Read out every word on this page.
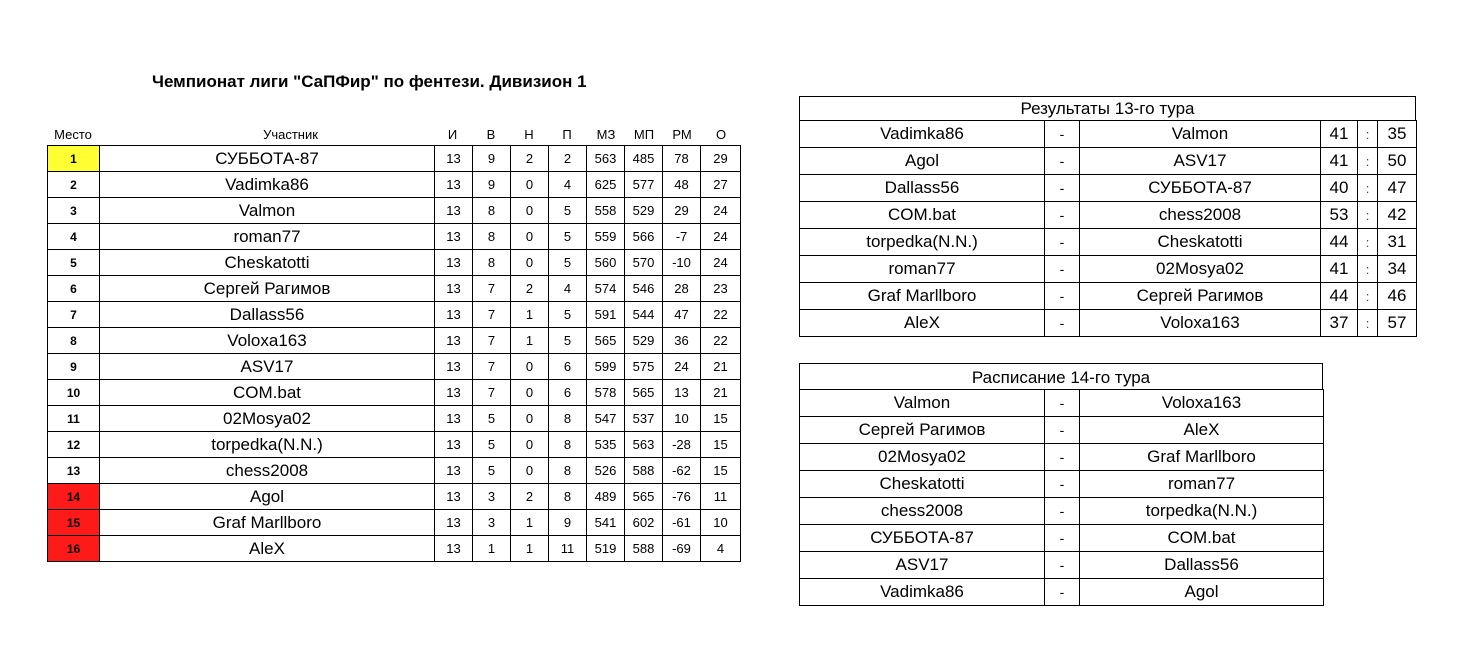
Чемпионат лиги "СаПФир" по фентези. Дивизион 1
Место	Участник	И	В	Н	П	МЗ	МП	РМ	О
1	СУББОТА-87	13	9	2	2	563	485	78	29
2	Vadimka86	13	9	0	4	625	577	48	27
3	Valmon	13	8	0	5	558	529	29	24
4	roman77	13	8	0	5	559	566	-7	24
5	Cheskatotti	13	8	0	5	560	570	-10	24
6	Сергей Рагимов	13	7	2	4	574	546	28	23
7	Dallass56	13	7	1	5	591	544	47	22
8	Voloxa163	13	7	1	5	565	529	36	22
9	ASV17	13	7	0	6	599	575	24	21
10	COM.bat	13	7	0	6	578	565	13	21
11	02Mosya02	13	5	0	8	547	537	10	15
12	torpedka(N.N.)	13	5	0	8	535	563	-28	15
13	chess2008	13	5	0	8	526	588	-62	15
14	Agol	13	3	2	8	489	565	-76	11
15	Graf Marllboro	13	3	1	9	541	602	-61	10
16	AleX	13	1	1	11	519	588	-69	4
Результаты 13-го тура
Vadimka86	-	Valmon	41	:	35
Agol	-	ASV17	41	:	50
Dallass56	-	СУББОТА-87	40	:	47
COM.bat	-	chess2008	53	:	42
torpedka(N.N.)	-	Cheskatotti	44	:	31
roman77	-	02Mosya02	41	:	34
Graf Marllboro	-	Сергей Рагимов	44	:	46
AleX	-	Voloxa163	37	:	57
Расписание 14-го тура
Valmon	-	Voloxa163
Сергей Рагимов	-	AleX
02Mosya02	-	Graf Marllboro
Cheskatotti	-	roman77
chess2008	-	torpedka(N.N.)
СУББОТА-87	-	COM.bat
ASV17	-	Dallass56
Vadimka86	-	Agol
